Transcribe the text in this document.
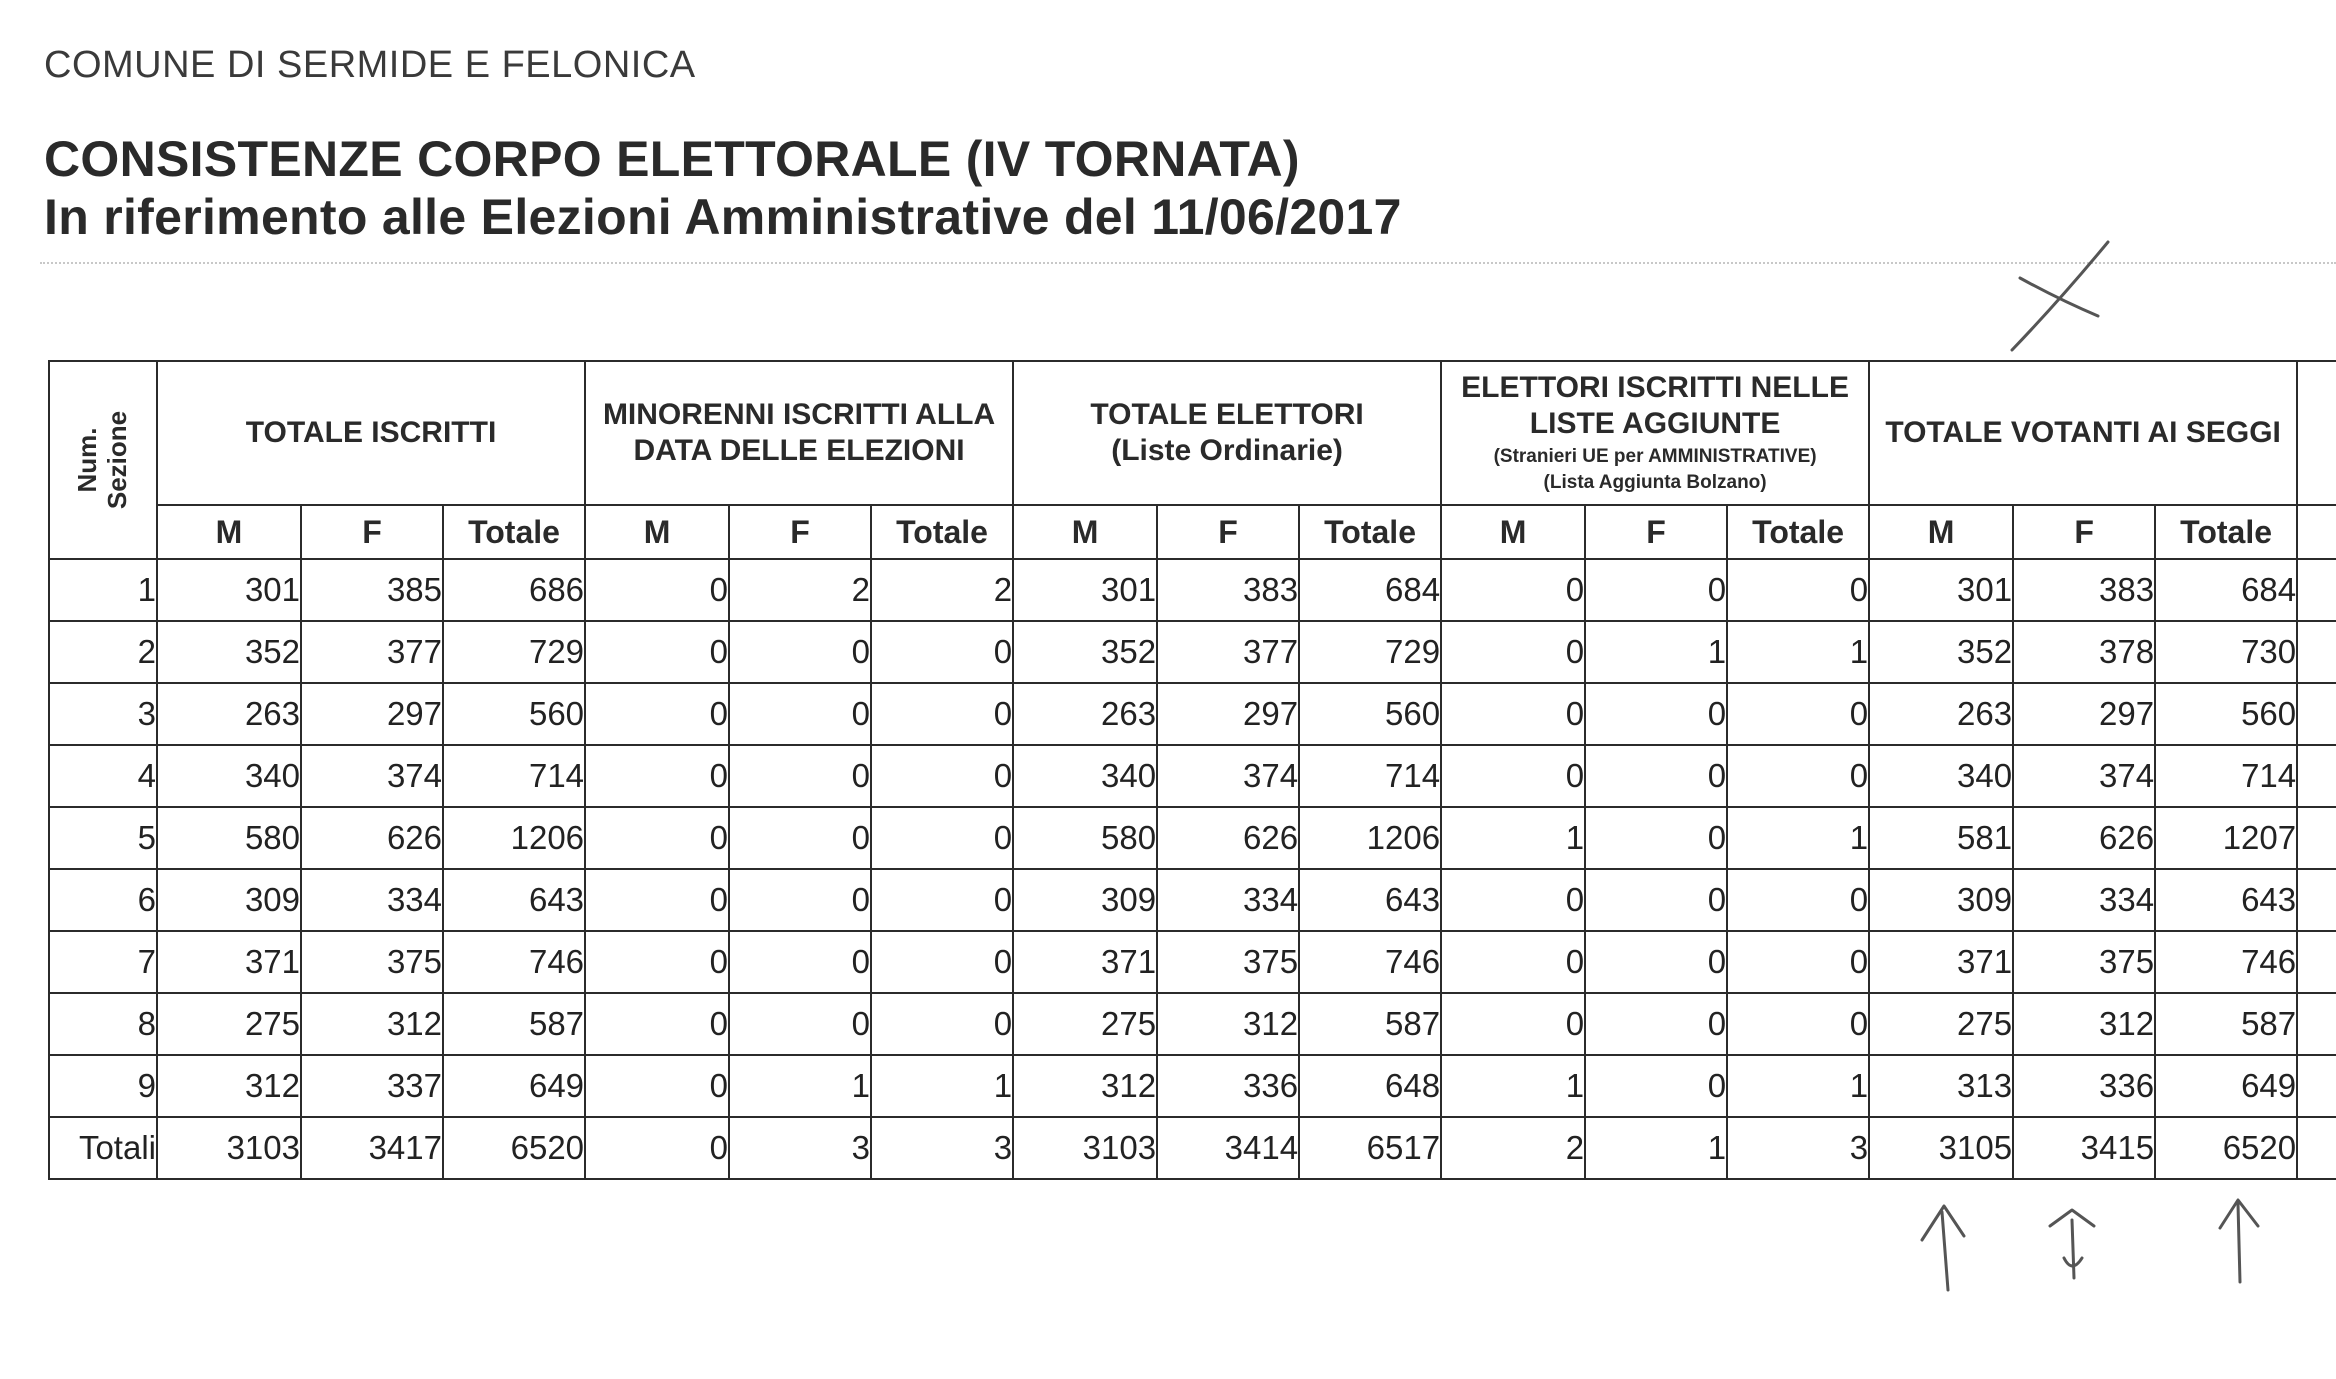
COMUNE DI SERMIDE E FELONICA
CONSISTENZE CORPO ELETTORALE (IV TORNATA)
In riferimento alle Elezioni Amministrative del 11/06/2017
Num. Sezione	TOTALE ISCRITTI			MINORENNI ISCRITTI ALLA
DATA DELLE ELEZIONI			TOTALE ELETTORI
(Liste Ordinarie)			ELETTORI ISCRITTI NELLE
LISTE AGGIUNTE
(Stranieri UE per AMMINISTRATIVE)
(Lista Aggiunta Bolzano)			TOTALE VOTANTI AI SEGGI			

	M	F	Totale	M	F	Totale	M	F	Totale	M	F	Totale	M	F	Totale	
1	301	385	686	0	2	2	301	383	684	0	0	0	301	383	684	
2	352	377	729	0	0	0	352	377	729	0	1	1	352	378	730	
3	263	297	560	0	0	0	263	297	560	0	0	0	263	297	560	
4	340	374	714	0	0	0	340	374	714	0	0	0	340	374	714	
5	580	626	1206	0	0	0	580	626	1206	1	0	1	581	626	1207	
6	309	334	643	0	0	0	309	334	643	0	0	0	309	334	643	
7	371	375	746	0	0	0	371	375	746	0	0	0	371	375	746	
8	275	312	587	0	0	0	275	312	587	0	0	0	275	312	587	
9	312	337	649	0	1	1	312	336	648	1	0	1	313	336	649	
Totali	3103	3417	6520	0	3	3	3103	3414	6517	2	1	3	3105	3415	6520	
